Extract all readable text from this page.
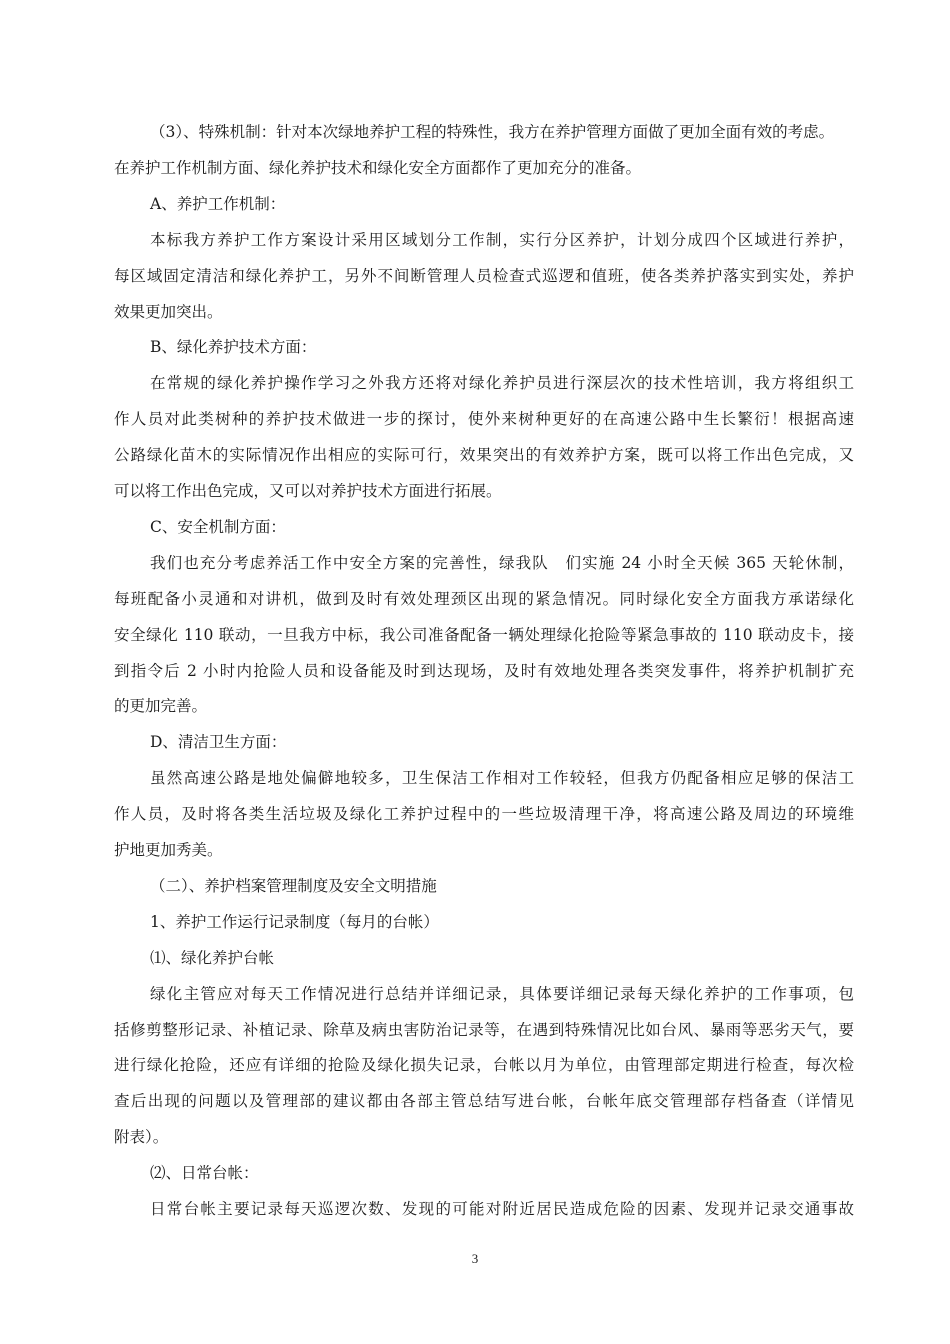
（3）、特殊机制：针对本次绿地养护工程的特殊性，我方在养护管理方面做了更加全面有效的考虑。
在养护工作机制方面、绿化养护技术和绿化安全方面都作了更加充分的准备。
A、养护工作机制：
本标我方养护工作方案设计采用区域划分工作制，实行分区养护，计划分成四个区域进行养护，
每区域固定清洁和绿化养护工，另外不间断管理人员检查式巡逻和值班，使各类养护落实到实处，养护
效果更加突出。
B、绿化养护技术方面：
在常规的绿化养护操作学习之外我方还将对绿化养护员进行深层次的技术性培训，我方将组织工
作人员对此类树种的养护技术做进一步的探讨，使外来树种更好的在高速公路中生长繁衍！根据高速
公路绿化苗木的实际情况作出相应的实际可行，效果突出的有效养护方案，既可以将工作出色完成，又
可以将工作出色完成，又可以对养护技术方面进行拓展。
C、安全机制方面：
我们也充分考虑养活工作中安全方案的完善性，绿我队　们实施 24 小时全天候 365 天轮休制，
每班配备小灵通和对讲机，做到及时有效处理颈区出现的紧急情况。同时绿化安全方面我方承诺绿化
安全绿化 110 联动，一旦我方中标，我公司准备配备一辆处理绿化抢险等紧急事故的 110 联动皮卡，接
到指令后 2 小时内抢险人员和设备能及时到达现场，及时有效地处理各类突发事件，将养护机制扩充
的更加完善。
D、清洁卫生方面：
虽然高速公路是地处偏僻地较多，卫生保洁工作相对工作较轻，但我方仍配备相应足够的保洁工
作人员，及时将各类生活垃圾及绿化工养护过程中的一些垃圾清理干净，将高速公路及周边的环境维
护地更加秀美。
（二）、养护档案管理制度及安全文明措施
1、养护工作运行记录制度（每月的台帐）
⑴、绿化养护台帐
绿化主管应对每天工作情况进行总结并详细记录，具体要详细记录每天绿化养护的工作事项，包
括修剪整形记录、补植记录、除草及病虫害防治记录等，在遇到特殊情况比如台风、暴雨等恶劣天气，要
进行绿化抢险，还应有详细的抢险及绿化损失记录，台帐以月为单位，由管理部定期进行检查，每次检
查后出现的问题以及管理部的建议都由各部主管总结写进台帐，台帐年底交管理部存档备查（详情见
附表）。
⑵、日常台帐：
日常台帐主要记录每天巡逻次数、发现的可能对附近居民造成危险的因素、发现并记录交通事故
3
